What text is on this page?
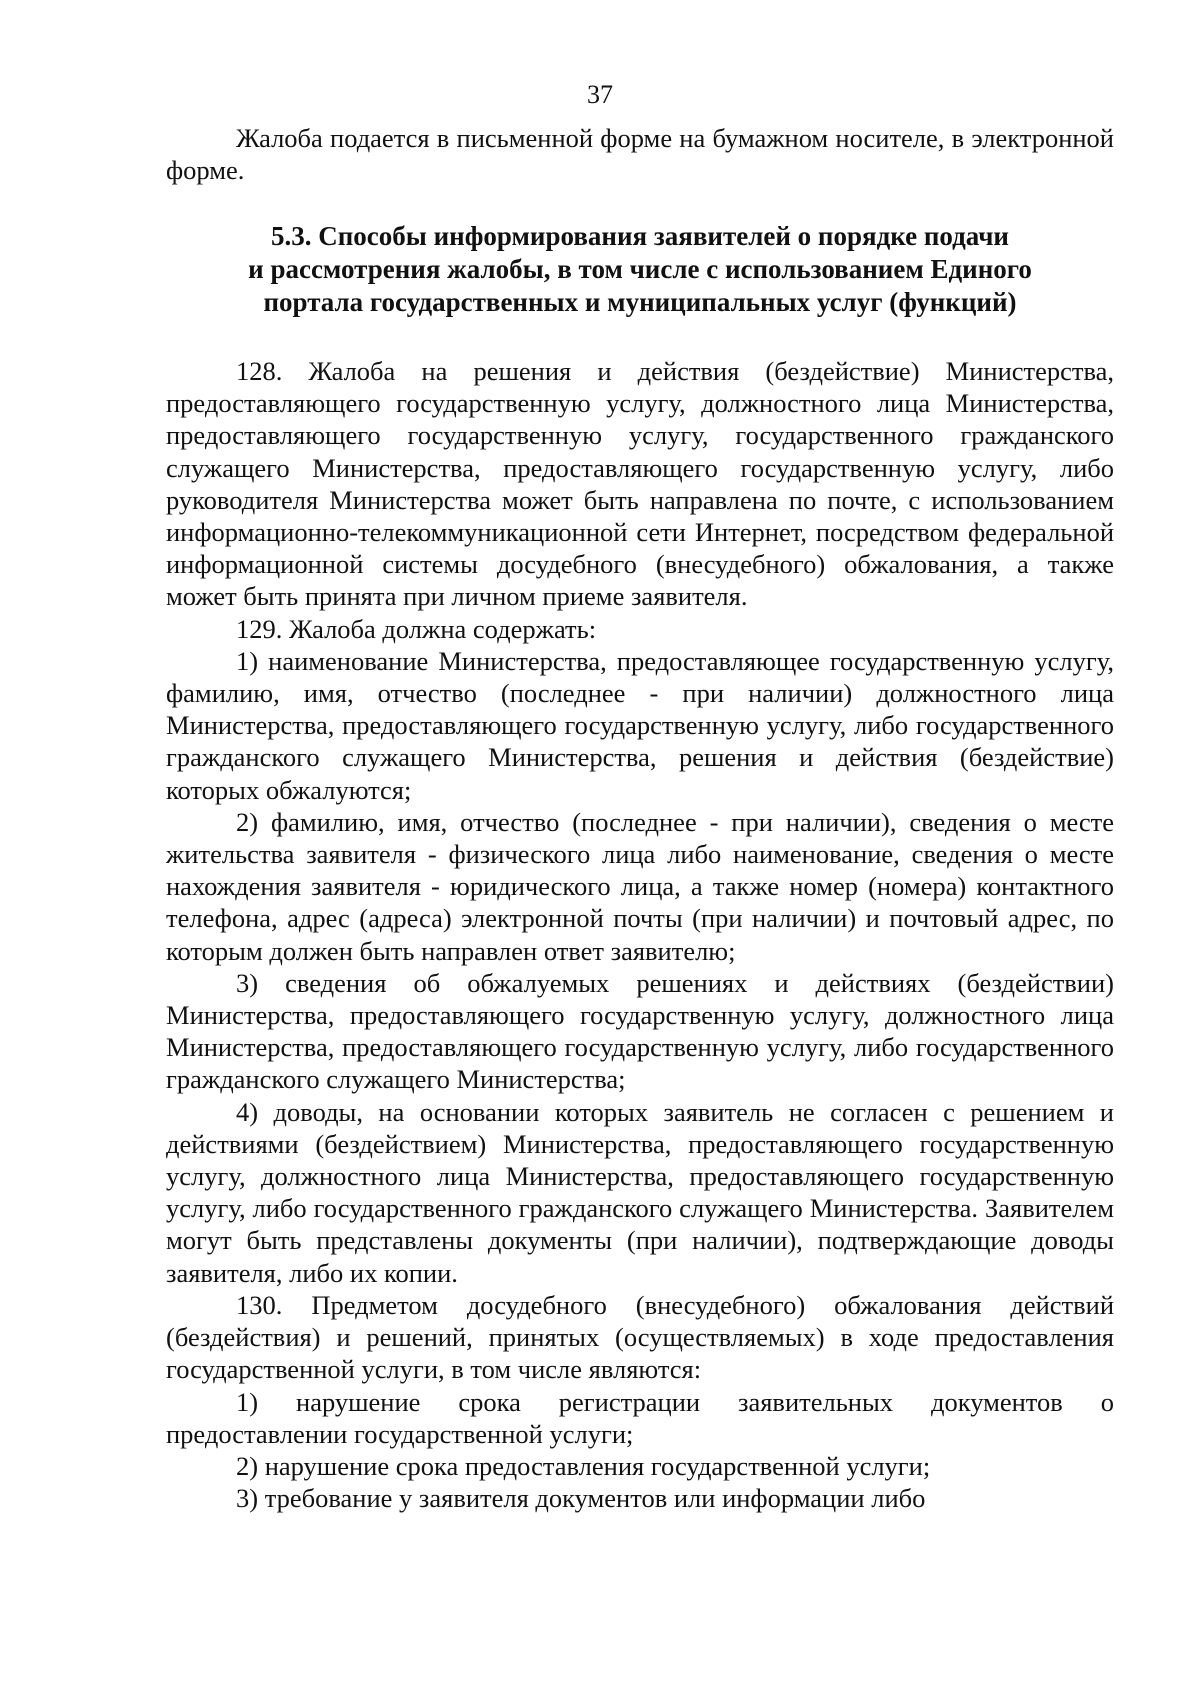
37

Жалоба подается в письменной форме на бумажном носителе, в электронной форме.

5.3. Способы информирования заявителей о порядке подачи
и рассмотрения жалобы, в том числе с использованием Единого
портала государственных и муниципальных услуг (функций)

128. Жалоба на решения и действия (бездействие) Министерства, предоставляющего государственную услугу, должностного лица Министерства, предоставляющего государственную услугу, государственного гражданского служащего Министерства, предоставляющего государственную услугу, либо руководителя Министерства может быть направлена по почте, с использованием информационно-телекоммуникационной сети Интернет, посредством федеральной информационной системы досудебного (внесудебного) обжалования, а также может быть принята при личном приеме заявителя.

129. Жалоба должна содержать:

1) наименование Министерства, предоставляющее государственную услугу, фамилию, имя, отчество (последнее - при наличии) должностного лица Министерства, предоставляющего государственную услугу, либо государственного гражданского служащего Министерства, решения и действия (бездействие) которых обжалуются;

2) фамилию, имя, отчество (последнее - при наличии), сведения о месте жительства заявителя - физического лица либо наименование, сведения о месте нахождения заявителя - юридического лица, а также номер (номера) контактного телефона, адрес (адреса) электронной почты (при наличии) и почтовый адрес, по которым должен быть направлен ответ заявителю;

3) сведения об обжалуемых решениях и действиях (бездействии) Министерства, предоставляющего государственную услугу, должностного лица Министерства, предоставляющего государственную услугу, либо государственного гражданского служащего Министерства;

4) доводы, на основании которых заявитель не согласен с решением и действиями (бездействием) Министерства, предоставляющего государственную услугу, должностного лица Министерства, предоставляющего государственную услугу, либо государственного гражданского служащего Министерства. Заявителем могут быть представлены документы (при наличии), подтверждающие доводы заявителя, либо их копии.

130. Предметом досудебного (внесудебного) обжалования действий (бездействия) и решений, принятых (осуществляемых) в ходе предоставления государственной услуги, в том числе являются:

1) нарушение срока регистрации заявительных документов о предоставлении государственной услуги;

2) нарушение срока предоставления государственной услуги;

3) требование у заявителя документов или информации либо
